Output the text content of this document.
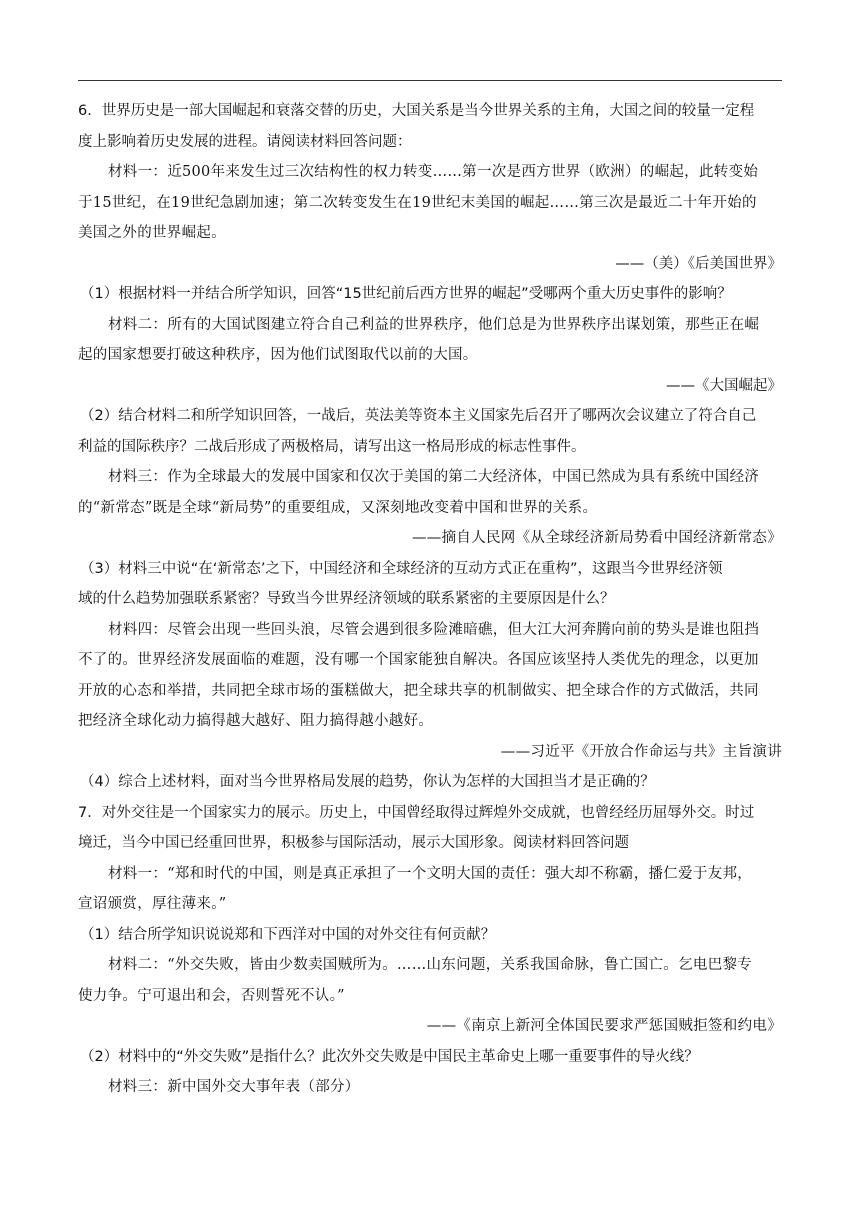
6．世界历史是一部大国崛起和衰落交替的历史，大国关系是当今世界关系的主角，大国之间的较量一定程
度上影响着历史发展的进程。请阅读材料回答问题：
材料一：近500年来发生过三次结构性的权力转变……第一次是西方世界（欧洲）的崛起，此转变始
于15世纪，在19世纪急剧加速；第二次转变发生在19世纪末美国的崛起……第三次是最近二十年开始的
美国之外的世界崛起。
——（美）《后美国世界》
（1）根据材料一并结合所学知识，回答“15世纪前后西方世界的崛起”受哪两个重大历史事件的影响？
材料二：所有的大国试图建立符合自己利益的世界秩序，他们总是为世界秩序出谋划策，那些正在崛
起的国家想要打破这种秩序，因为他们试图取代以前的大国。
——《大国崛起》
（2）结合材料二和所学知识回答，一战后，英法美等资本主义国家先后召开了哪两次会议建立了符合自己
利益的国际秩序？二战后形成了两极格局，请写出这一格局形成的标志性事件。
材料三：作为全球最大的发展中国家和仅次于美国的第二大经济体，中国已然成为具有系统中国经济
的“新常态”既是全球“新局势”的重要组成，又深刻地改变着中国和世界的关系。
——摘自人民网《从全球经济新局势看中国经济新常态》
（3）材料三中说“在‘新常态’之下，中国经济和全球经济的互动方式正在重构”，这跟当今世界经济领
域的什么趋势加强联系紧密？导致当今世界经济领域的联系紧密的主要原因是什么？
材料四：尽管会出现一些回头浪，尽管会遇到很多险滩暗礁，但大江大河奔腾向前的势头是谁也阻挡
不了的。世界经济发展面临的难题，没有哪一个国家能独自解决。各国应该坚持人类优先的理念，以更加
开放的心态和举措，共同把全球市场的蛋糕做大，把全球共享的机制做实、把全球合作的方式做活，共同
把经济全球化动力搞得越大越好、阻力搞得越小越好。
——习近平《开放合作命运与共》主旨演讲
（4）综合上述材料，面对当今世界格局发展的趋势，你认为怎样的大国担当才是正确的？
7．对外交往是一个国家实力的展示。历史上，中国曾经取得过辉煌外交成就，也曾经经历屈辱外交。时过
境迁，当今中国已经重回世界，积极参与国际活动，展示大国形象。阅读材料回答问题
材料一：“郑和时代的中国，则是真正承担了一个文明大国的责任：强大却不称霸，播仁爱于友邦，
宣诏颁赏，厚往薄来。”
（1）结合所学知识说说郑和下西洋对中国的对外交往有何贡献？
材料二：“外交失败，皆由少数卖国贼所为。……山东问题，关系我国命脉，鲁亡国亡。乞电巴黎专
使力争。宁可退出和会，否则誓死不认。”
——《南京上新河全体国民要求严惩国贼拒签和约电》
（2）材料中的“外交失败”是指什么？此次外交失败是中国民主革命史上哪一重要事件的导火线？
材料三：新中国外交大事年表（部分）
